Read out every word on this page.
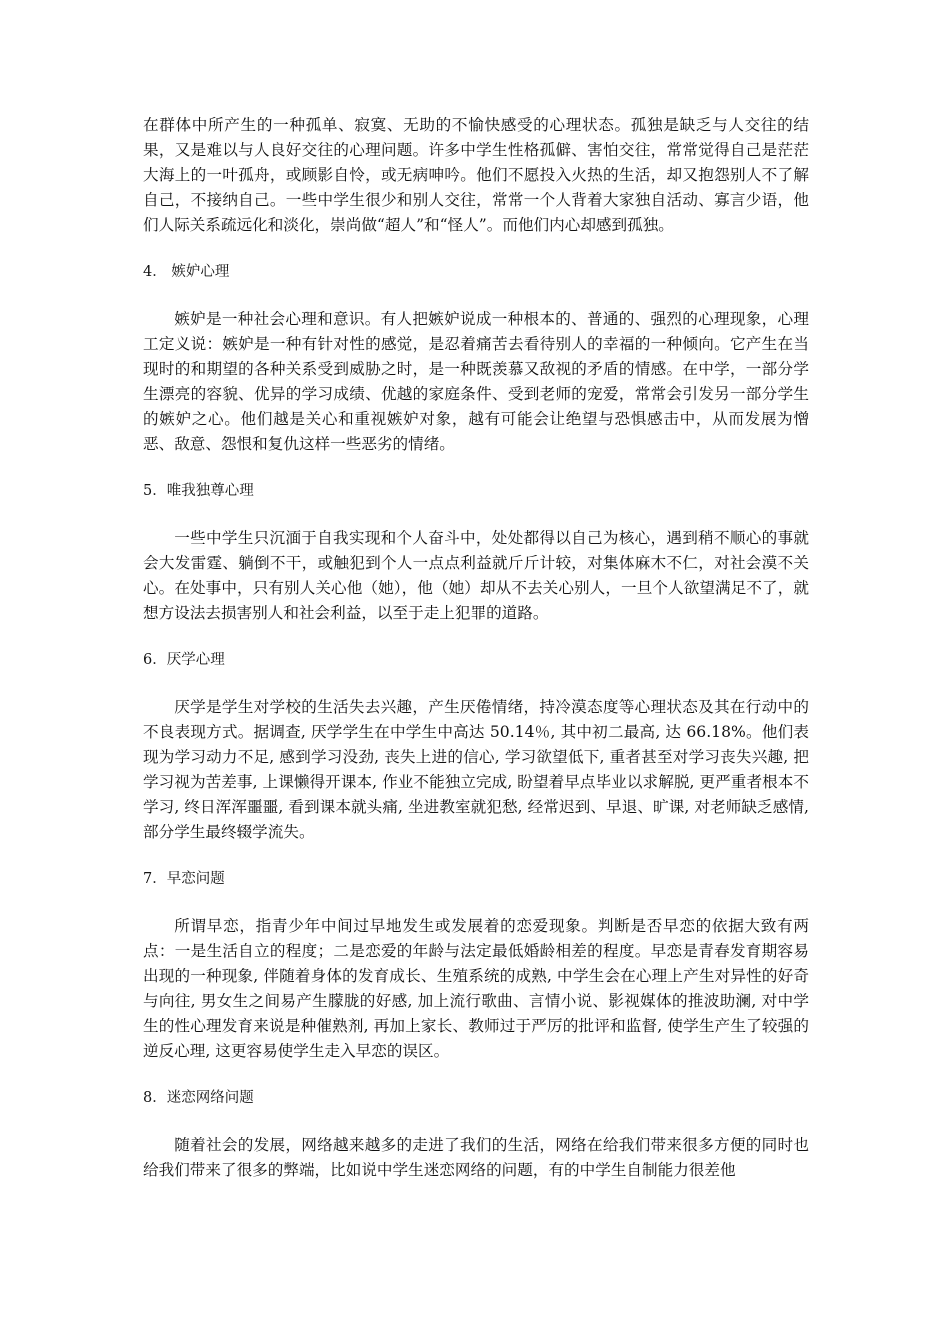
在群体中所产生的一种孤单、寂寞、无助的不愉快感受的心理状态。孤独是缺乏与人交往的结果，又是难以与人良好交往的心理问题。许多中学生性格孤僻、害怕交往，常常觉得自己是茫茫大海上的一叶孤舟，或顾影自怜，或无病呻吟。他们不愿投入火热的生活，却又抱怨别人不了解自己，不接纳自己。一些中学生很少和别人交往，常常一个人背着大家独自活动、寡言少语，他们人际关系疏远化和淡化，崇尚做“超人”和“怪人”。而他们内心却感到孤独。

4． 嫉妒心理

嫉妒是一种社会心理和意识。有人把嫉妒说成一种根本的、普通的、强烈的心理现象，心理工定义说：嫉妒是一种有针对性的感觉，是忍着痛苦去看待别人的幸福的一种倾向。它产生在当现时的和期望的各种关系受到威胁之时，是一种既羡慕又敌视的矛盾的情感。在中学，一部分学生漂亮的容貌、优异的学习成绩、优越的家庭条件、受到老师的宠爱，常常会引发另一部分学生的嫉妒之心。他们越是关心和重视嫉妒对象，越有可能会让绝望与恐惧感击中，从而发展为憎恶、敌意、怨恨和复仇这样一些恶劣的情绪。

5．唯我独尊心理

一些中学生只沉湎于自我实现和个人奋斗中，处处都得以自己为核心，遇到稍不顺心的事就会大发雷霆、躺倒不干，或触犯到个人一点点利益就斤斤计较，对集体麻木不仁，对社会漠不关心。在处事中，只有别人关心他（她），他（她）却从不去关心别人，一旦个人欲望满足不了，就想方设法去损害别人和社会利益，以至于走上犯罪的道路。

6．厌学心理

厌学是学生对学校的生活失去兴趣，产生厌倦情绪，持冷漠态度等心理状态及其在行动中的不良表现方式。据调查, 厌学学生在中学生中高达 50.14％, 其中初二最高, 达 66.18%。他们表现为学习动力不足, 感到学习没劲, 丧失上进的信心, 学习欲望低下, 重者甚至对学习丧失兴趣, 把学习视为苦差事, 上课懒得开课本, 作业不能独立完成, 盼望着早点毕业以求解脱, 更严重者根本不学习, 终日浑浑噩噩, 看到课本就头痛, 坐进教室就犯愁, 经常迟到、早退、旷课, 对老师缺乏感情, 部分学生最终辍学流失。

7．早恋问题

所谓早恋，指青少年中间过早地发生或发展着的恋爱现象。判断是否早恋的依据大致有两点：一是生活自立的程度；二是恋爱的年龄与法定最低婚龄相差的程度。早恋是青春发育期容易出现的一种现象, 伴随着身体的发育成长、生殖系统的成熟, 中学生会在心理上产生对异性的好奇与向往, 男女生之间易产生朦胧的好感, 加上流行歌曲、言情小说、影视媒体的推波助澜, 对中学生的性心理发育来说是种催熟剂, 再加上家长、教师过于严厉的批评和监督, 使学生产生了较强的逆反心理, 这更容易使学生走入早恋的误区。

8．迷恋网络问题

随着社会的发展，网络越来越多的走进了我们的生活，网络在给我们带来很多方便的同时也给我们带来了很多的弊端，比如说中学生迷恋网络的问题，有的中学生自制能力很差他
